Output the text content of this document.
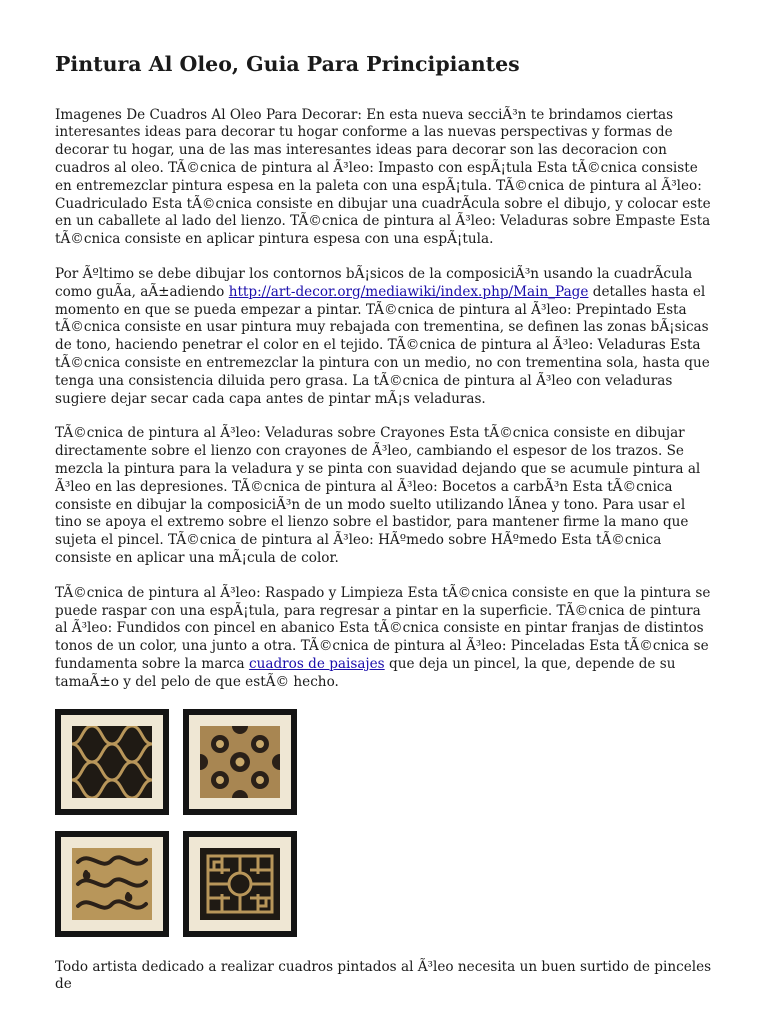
Pintura Al Oleo, Guia Para Principiantes

Imagenes De Cuadros Al Oleo Para Decorar: En esta nueva secciÃ³n te brindamos ciertas interesantes ideas para decorar tu hogar conforme a las nuevas perspectivas y formas de decorar tu hogar, una de las mas interesantes ideas para decorar son las decoracion con cuadros al oleo. TÃ©cnica de pintura al Ã³leo: Impasto con espÃ¡tula Esta tÃ©cnica consiste en entremezclar pintura espesa en la paleta con una espÃ¡tula. TÃ©cnica de pintura al Ã³leo: Cuadriculado Esta tÃ©cnica consiste en dibujar una cuadrÃcula sobre el dibujo, y colocar este en un caballete al lado del lienzo. TÃ©cnica de pintura al Ã³leo: Veladuras sobre Empaste Esta tÃ©cnica consiste en aplicar pintura espesa con una espÃ¡tula.

Por Ãºltimo se debe dibujar los contornos bÃ¡sicos de la composiciÃ³n usando la cuadrÃcula como guÃa, aÃ±adiendo http://art-decor.org/mediawiki/index.php/Main_Page detalles hasta el momento en que se pueda empezar a pintar. TÃ©cnica de pintura al Ã³leo: Prepintado Esta tÃ©cnica consiste en usar pintura muy rebajada con trementina, se definen las zonas bÃ¡sicas de tono, haciendo penetrar el color en el tejido. TÃ©cnica de pintura al Ã³leo: Veladuras Esta tÃ©cnica consiste en entremezclar la pintura con un medio, no con trementina sola, hasta que tenga una consistencia diluida pero grasa. La tÃ©cnica de pintura al Ã³leo con veladuras sugiere dejar secar cada capa antes de pintar mÃ¡s veladuras.

TÃ©cnica de pintura al Ã³leo: Veladuras sobre Crayones Esta tÃ©cnica consiste en dibujar directamente sobre el lienzo con crayones de Ã³leo, cambiando el espesor de los trazos. Se mezcla la pintura para la veladura y se pinta con suavidad dejando que se acumule pintura al Ã³leo en las depresiones. TÃ©cnica de pintura al Ã³leo: Bocetos a carbÃ³n Esta tÃ©cnica consiste en dibujar la composiciÃ³n de un modo suelto utilizando lÃnea y tono. Para usar el tino se apoya el extremo sobre el lienzo sobre el bastidor, para mantener firme la mano que sujeta el pincel. TÃ©cnica de pintura al Ã³leo: HÃºmedo sobre HÃºmedo Esta tÃ©cnica consiste en aplicar una mÃ¡cula de color.

TÃ©cnica de pintura al Ã³leo: Raspado y Limpieza Esta tÃ©cnica consiste en que la pintura se puede raspar con una espÃ¡tula, para regresar a pintar en la superficie. TÃ©cnica de pintura al Ã³leo: Fundidos con pincel en abanico Esta tÃ©cnica consiste en pintar franjas de distintos tonos de un color, una junto a otra. TÃ©cnica de pintura al Ã³leo: Pinceladas Esta tÃ©cnica se fundamenta sobre la marca cuadros de paisajes que deja un pincel, la que, depende de su tamaÃ±o y del pelo de que estÃ© hecho.

Todo artista dedicado a realizar cuadros pintados al Ã³leo necesita un buen surtido de pinceles de
